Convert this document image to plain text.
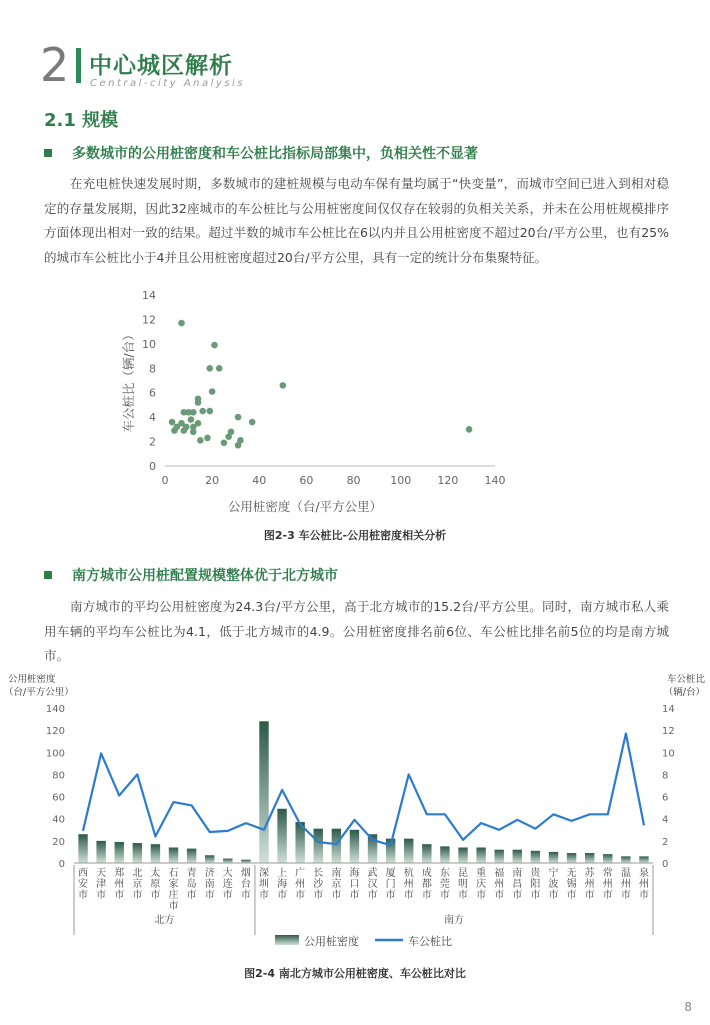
2 中心城区解析
Central-city Analysis
2.1 规模
多数城市的公用桩密度和车公桩比指标局部集中，负相关性不显著
在充电桩快速发展时期，多数城市的建桩规模与电动车保有量均属于“快变量”，而城市空间已进入到相对稳定的存量发展期，因此32座城市的车公桩比与公用桩密度间仅仅存在较弱的负相关关系，并未在公用桩规模排序方面体现出相对一致的结果。超过半数的城市车公桩比在6以内并且公用桩密度不超过20台/平方公里，也有25%的城市车公桩比小于4并且公用桩密度超过20台/平方公里，具有一定的统计分布集聚特征。
0	20	40	60	80	100 120 140
0
2
4
6
8
10
12
14
公用桩密度（台/平方公里）
车公桩比（辆/台）
图2-3 车公桩比-公用桩密度相关分析
南方城市公用桩配置规模整体优于北方城市
南方城市的平均公用桩密度为24.3台/平方公里，高于北方城市的15.2台/平方公里。同时，南方城市私人乘用车辆的平均车公桩比为4.1，低于北方城市的4.9。公用桩密度排名前6位、车公桩比排名前5位的均是南方城市。
公用桩密度
（台/平方公里）
车公桩比
（辆/台）
0
20
40
60
80
100
120
140
0
2
4
6
8
10
12
14
西
安
市
天
津
市
郑
州
市
北
京
市
太
原
市
石
家
庄
市
青
岛
市
济
南
市
大
连
市
烟
台
市
深
圳
市
上
海
市
广
州
市
长
沙
市
南
京
市
海
口
市
武
汉
市
厦
门
市
杭
州
市
成
都
市
东
莞
市
昆
明
市
重
庆
市
福
州
市
南
昌
市
贵
阳
市
宁
波
市
无
锡
市
苏
州
市
常
州
市
温
州
市
泉
州
市
北方	南方
公用桩密度	车公桩比
图2-4 南北方城市公用桩密度、车公桩比对比
8
